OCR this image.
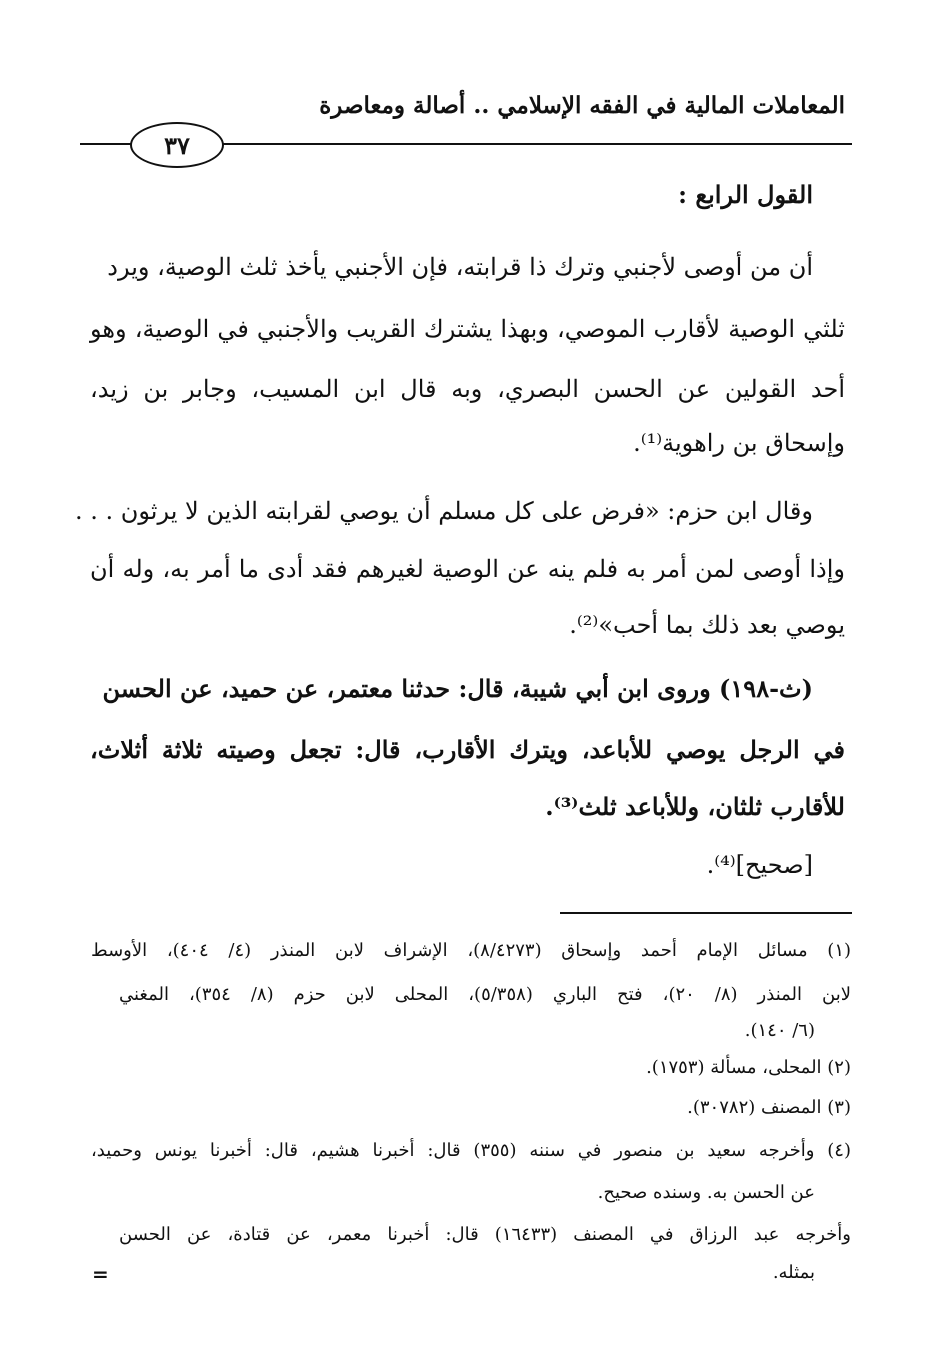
المعاملات المالية في الفقه الإسلامي .. أصالة ومعاصرة
٣٧
القول الرابع :
أن من أوصى لأجنبي وترك ذا قرابته، فإن الأجنبي يأخذ ثلث الوصية، ويرد
ثلثي الوصية لأقارب الموصي، وبهذا يشترك القريب والأجنبي في الوصية، وهو
أحد القولين عن الحسن البصري، وبه قال ابن المسيب، وجابر بن زيد،
وإسحاق بن راهوية⁽¹⁾.
وقال ابن حزم: «فرض على كل مسلم أن يوصي لقرابته الذين لا يرثون . . .
وإذا أوصى لمن أمر به فلم ينه عن الوصية لغيرهم فقد أدى ما أمر به، وله أن
يوصي بعد ذلك بما أحب»⁽²⁾.
(ث-١٩٨) وروى ابن أبي شيبة، قال: حدثنا معتمر، عن حميد، عن الحسن
في الرجل يوصي للأباعد، ويترك الأقارب، قال: تجعل وصيته ثلاثة أثلاث،
للأقارب ثلثان، وللأباعد ثلث⁽³⁾.
[صحيح]⁽⁴⁾.
(١) مسائل الإمام أحمد وإسحاق (٨/٤٢٧٣)، الإشراف لابن المنذر (٤/ ٤٠٤)، الأوسط
لابن المنذر (٨/ ٢٠)، فتح الباري (٥/٣٥٨)، المحلى لابن حزم (٨/ ٣٥٤)، المغني
(٦/ ١٤٠).
(٢) المحلى، مسألة (١٧٥٣).
(٣) المصنف (٣٠٧٨٢).
(٤) وأخرجه سعيد بن منصور في سننه (٣٥٥) قال: أخبرنا هشيم، قال: أخبرنا يونس وحميد،
عن الحسن به. وسنده صحيح.
وأخرجه عبد الرزاق في المصنف (١٦٤٣٣) قال: أخبرنا معمر، عن قتادة، عن الحسن
بمثله.
=
